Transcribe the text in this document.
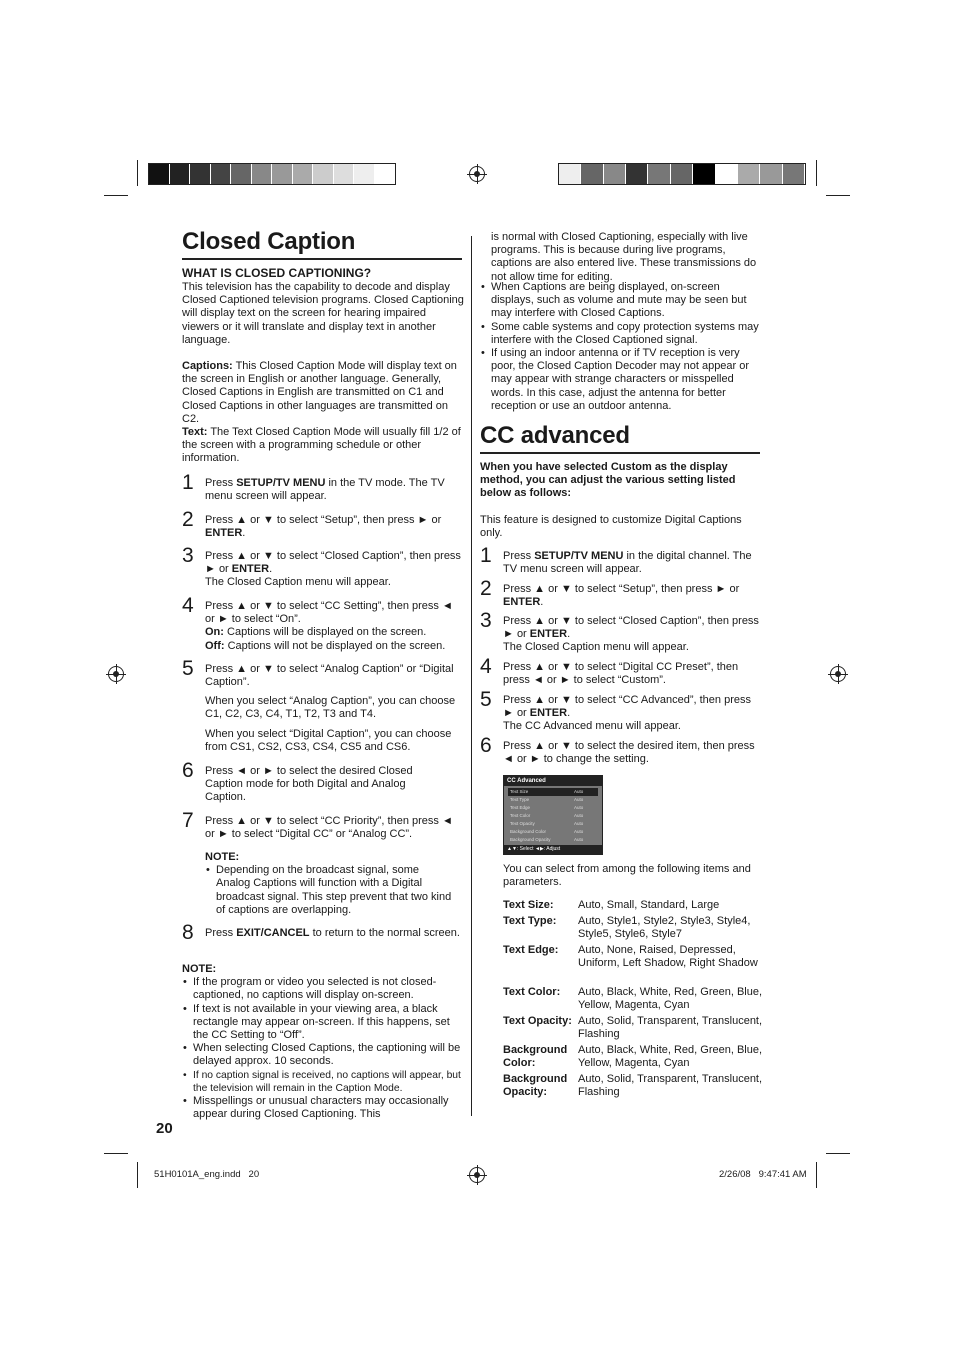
Closed Caption
WHAT IS CLOSED CAPTIONING?
This television has the capability to decode and display Closed Captioned television programs. Closed Captioning will display text on the screen for hearing impaired viewers or it will translate and display text in another language.
Captions: This Closed Caption Mode will display text on the screen in English or another language. Generally, Closed Captions in English are transmitted on C1 and Closed Captions in other languages are transmitted on C2.
Text: The Text Closed Caption Mode will usually fill 1/2 of the screen with a programming schedule or other information.
1 Press SETUP/TV MENU in the TV mode. The TV menu screen will appear.
2 Press ▲ or ▼ to select “Setup”, then press ► or ENTER.
3 Press ▲ or ▼ to select “Closed Caption”, then press ► or ENTER.
The Closed Caption menu will appear.
4 Press ▲ or ▼ to select “CC Setting”, then press ◄ or ► to select “On”.
On: Captions will be displayed on the screen.
Off: Captions will not be displayed on the screen.
5 Press ▲ or ▼ to select “Analog Caption” or “Digital Caption”.
When you select “Analog Caption”, you can choose C1, C2, C3, C4, T1, T2, T3 and T4.
When you select “Digital Caption”, you can choose from CS1, CS2, CS3, CS4, CS5 and CS6.
6 Press ◄ or ► to select the desired Closed Caption mode for both Digital and Analog Caption.
7 Press ▲ or ▼ to select “CC Priority”, then press ◄ or ► to select “Digital CC” or “Analog CC”.
NOTE:
• Depending on the broadcast signal, some Analog Captions will function with a Digital broadcast signal. This step prevent that two kind of captions are overlapping.
8 Press EXIT/CANCEL to return to the normal screen.
NOTE:
• If the program or video you selected is not closed-captioned, no captions will display on-screen.
• If text is not available in your viewing area, a black rectangle may appear on-screen. If this happens, set the CC Setting to “Off”.
• When selecting Closed Captions, the captioning will be delayed approx. 10 seconds.
• If no caption signal is received, no captions will appear, but the television will remain in the Caption Mode.
• Misspellings or unusual characters may occasionally appear during Closed Captioning. This
20
is normal with Closed Captioning, especially with live programs. This is because during live programs, captions are also entered live. These transmissions do not allow time for editing.
• When Captions are being displayed, on-screen displays, such as volume and mute may be seen but may interfere with Closed Captions.
• Some cable systems and copy protection systems may interfere with the Closed Captioned signal.
• If using an indoor antenna or if TV reception is very poor, the Closed Caption Decoder may not appear or may appear with strange characters or misspelled words. In this case, adjust the antenna for better reception or use an outdoor antenna.
CC advanced
When you have selected Custom as the display method, you can adjust the various setting listed below as follows:
This feature is designed to customize Digital Captions only.
1 Press SETUP/TV MENU in the digital channel. The TV menu screen will appear.
2 Press ▲ or ▼ to select “Setup”, then press ► or ENTER.
3 Press ▲ or ▼ to select “Closed Caption”, then press ► or ENTER.
The Closed Caption menu will appear.
4 Press ▲ or ▼ to select “Digital CC Preset”, then press ◄ or ► to select “Custom”.
5 Press ▲ or ▼ to select “CC Advanced”, then press ► or ENTER.
The CC Advanced menu will appear.
6 Press ▲ or ▼ to select the desired item, then press ◄ or ► to change the setting.
CC Advanced
Text Size	Auto
Text Type	Auto
Text Edge	Auto
Text Color	Auto
Text Opacity	Auto
Background Color	Auto
Background Opacity	Auto
▲▼: Select ◄▶: Adjust
You can select from among the following items and parameters.
Text Size:	Auto, Small, Standard, Large
Text Type:	Auto, Style1, Style2, Style3, Style4, Style5, Style6, Style7
Text Edge:	Auto, None, Raised, Depressed, Uniform, Left Shadow, Right Shadow
Text Color:	Auto, Black, White, Red, Green, Blue, Yellow, Magenta, Cyan
Text Opacity: Auto, Solid, Transparent, Translucent, Flashing
Background Color:
Auto, Black, White, Red, Green, Blue, Yellow, Magenta, Cyan
Background Opacity:
Auto, Solid, Transparent, Translucent, Flashing
51H0101A_eng.indd   20	2/26/08   9:47:41 AM
